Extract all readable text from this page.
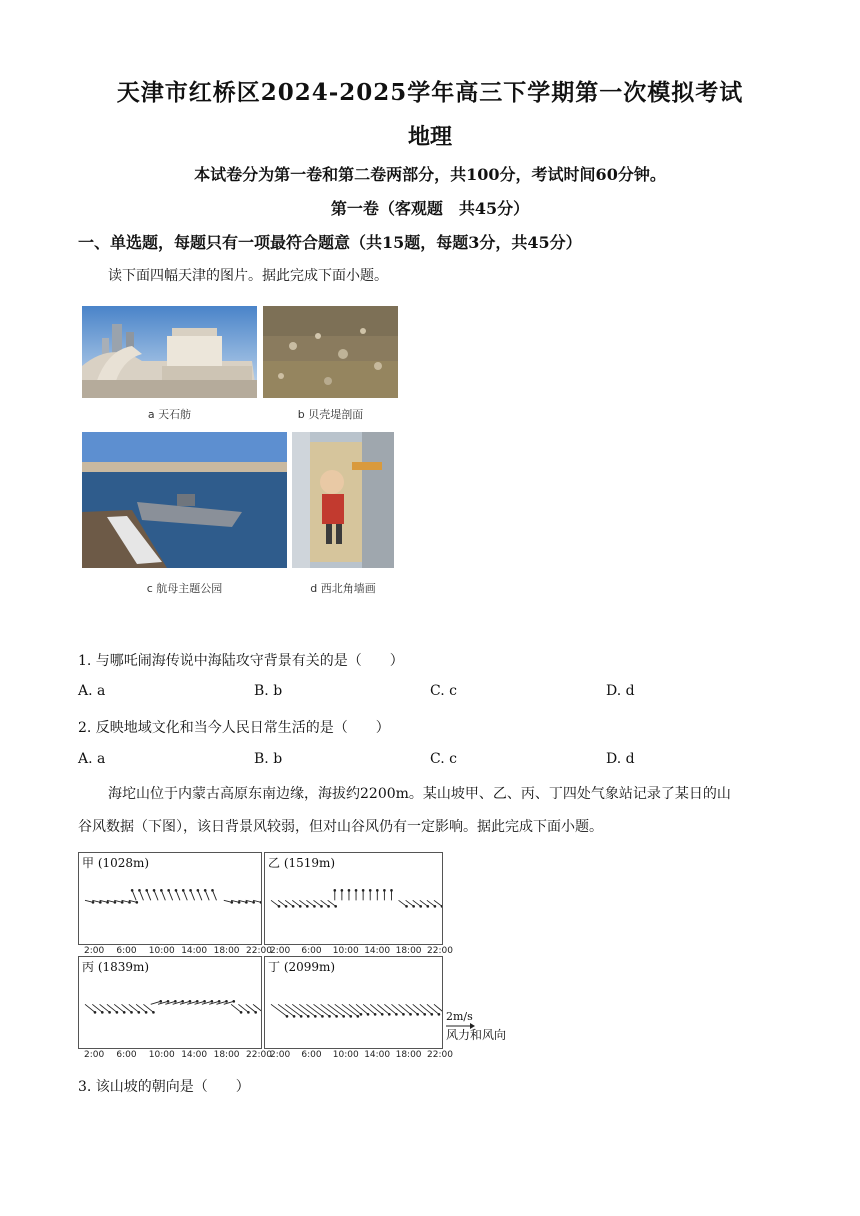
天津市红桥区2024-2025学年高三下学期第一次模拟考试
地理
本试卷分为第一卷和第二卷两部分，共100分，考试时间60分钟。
第一卷（客观题　共45分）
一、单选题，每题只有一项最符合题意（共15题，每题3分，共45分）
读下面四幅天津的图片。据此完成下面小题。
a 天石舫	b 贝壳堤剖面
c 航母主题公园	d 西北角墙画
1. 与哪吒闹海传说中海陆攻守背景有关的是（　　）
A. a	B. b	C. c	D. d
2. 反映地域文化和当今人民日常生活的是（　　）
A. a	B. b	C. c	D. d
海坨山位于内蒙古高原东南边缘，海拔约2200m。某山坡甲、乙、丙、丁四处气象站记录了某日的山
谷风数据（下图），该日背景风较弱，但对山谷风仍有一定影响。据此完成下面小题。
甲 (1028m)
2:00 6:00 10:00 14:00 18:00 22:00
乙 (1519m)
2:00 6:00 10:00 14:00 18:00 22:00
丙 (1839m)
2:00 6:00 10:00 14:00 18:00 22:00
丁 (2099m)
2:00 6:00 10:00 14:00 18:00 22:00
2m/s
风力和风向
3. 该山坡的朝向是（　　）
